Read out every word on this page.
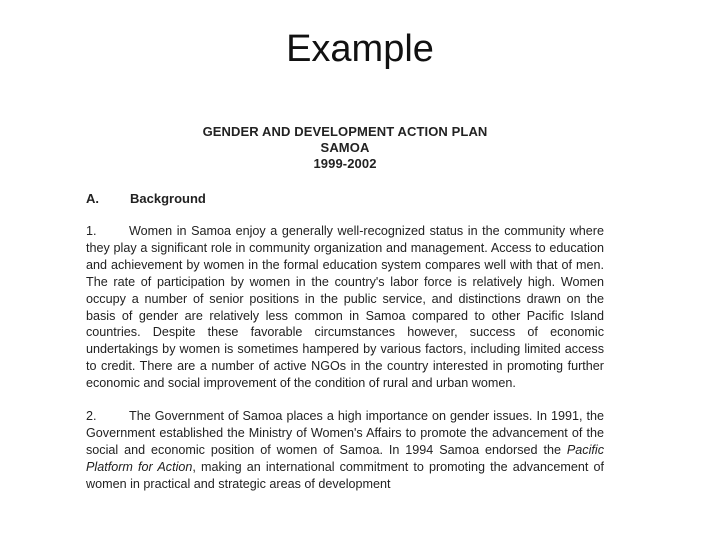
Example
GENDER AND DEVELOPMENT ACTION PLAN
SAMOA
1999-2002
A.	Background
1.	Women in Samoa enjoy a generally well-recognized status in the community where they play a significant role in community organization and management. Access to education and achievement by women in the formal education system compares well with that of men. The rate of participation by women in the country's labor force is relatively high. Women occupy a number of senior positions in the public service, and distinctions drawn on the basis of gender are relatively less common in Samoa compared to other Pacific Island countries. Despite these favorable circumstances however, success of economic undertakings by women is sometimes hampered by various factors, including limited access to credit. There are a number of active NGOs in the country interested in promoting further economic and social improvement of the condition of rural and urban women.
2.	The Government of Samoa places a high importance on gender issues. In 1991, the Government established the Ministry of Women's Affairs to promote the advancement of the social and economic position of women of Samoa. In 1994 Samoa endorsed the Pacific Platform for Action, making an international commitment to promoting the advancement of women in practical and strategic areas of development
